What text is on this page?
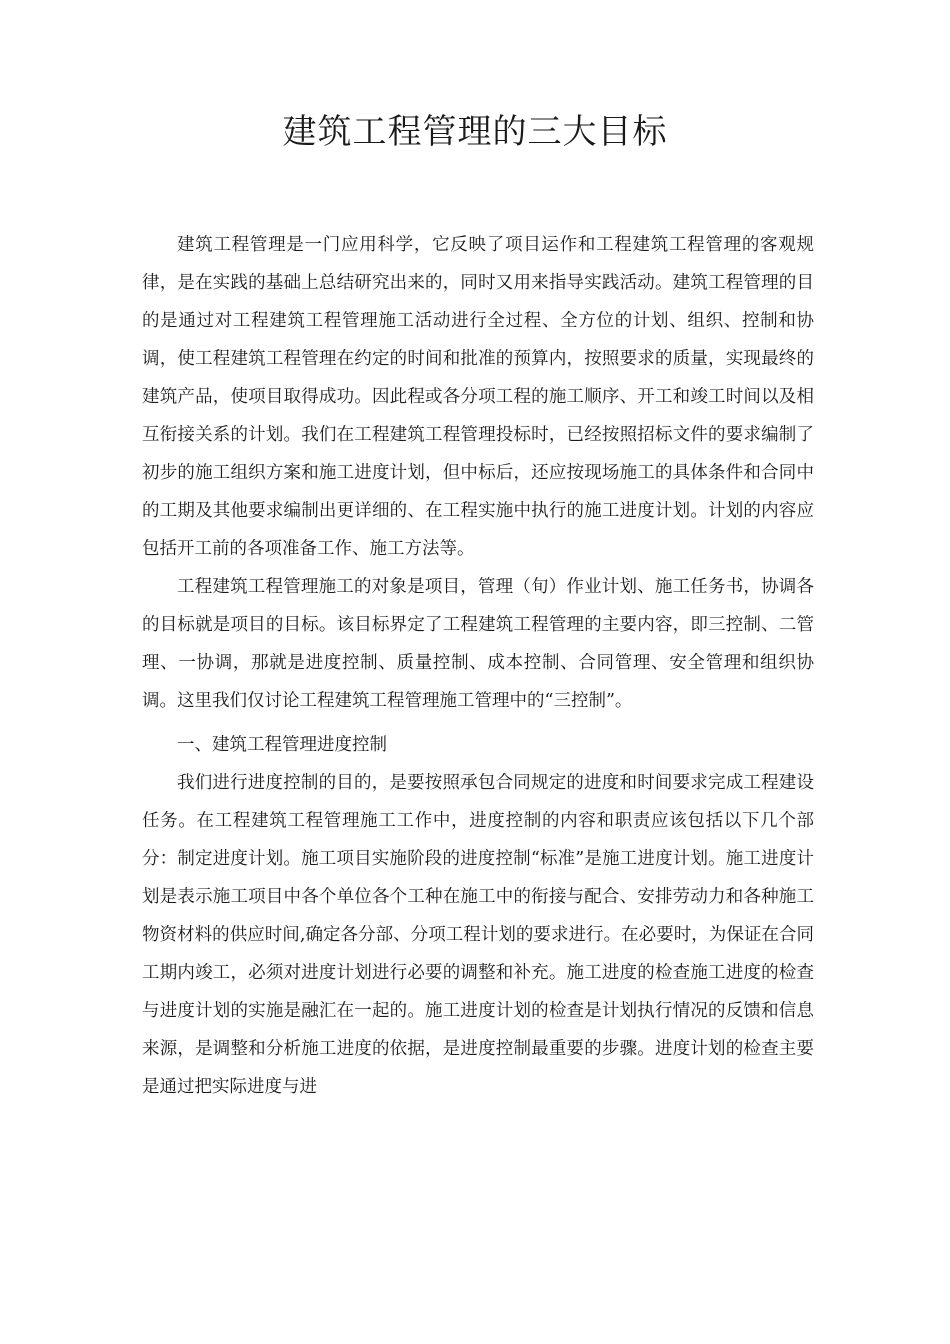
建筑工程管理的三大目标

建筑工程管理是一门应用科学，它反映了项目运作和工程建筑工程管理的客观规律，是在实践的基础上总结研究出来的，同时又用来指导实践活动。建筑工程管理的目的是通过对工程建筑工程管理施工活动进行全过程、全方位的计划、组织、控制和协调，使工程建筑工程管理在约定的时间和批准的预算内，按照要求的质量，实现最终的建筑产品，使项目取得成功。因此程或各分项工程的施工顺序、开工和竣工时间以及相互衔接关系的计划。我们在工程建筑工程管理投标时，已经按照招标文件的要求编制了初步的施工组织方案和施工进度计划，但中标后，还应按现场施工的具体条件和合同中的工期及其他要求编制出更详细的、在工程实施中执行的施工进度计划。计划的内容应包括开工前的各项准备工作、施工方法等。

工程建筑工程管理施工的对象是项目，管理（旬）作业计划、施工任务书，协调各的目标就是项目的目标。该目标界定了工程建筑工程管理的主要内容，即三控制、二管理、一协调，那就是进度控制、质量控制、成本控制、合同管理、安全管理和组织协调。这里我们仅讨论工程建筑工程管理施工管理中的“三控制”。

一、建筑工程管理进度控制

我们进行进度控制的目的，是要按照承包合同规定的进度和时间要求完成工程建设任务。在工程建筑工程管理施工工作中，进度控制的内容和职责应该包括以下几个部分：制定进度计划。施工项目实施阶段的进度控制“标准”是施工进度计划。施工进度计划是表示施工项目中各个单位各个工种在施工中的衔接与配合、安排劳动力和各种施工物资材料的供应时间,确定各分部、分项工程计划的要求进行。在必要时，为保证在合同工期内竣工，必须对进度计划进行必要的调整和补充。施工进度的检查施工进度的检查与进度计划的实施是融汇在一起的。施工进度计划的检查是计划执行情况的反馈和信息来源，是调整和分析施工进度的依据，是进度控制最重要的步骤。进度计划的检查主要是通过把实际进度与进
